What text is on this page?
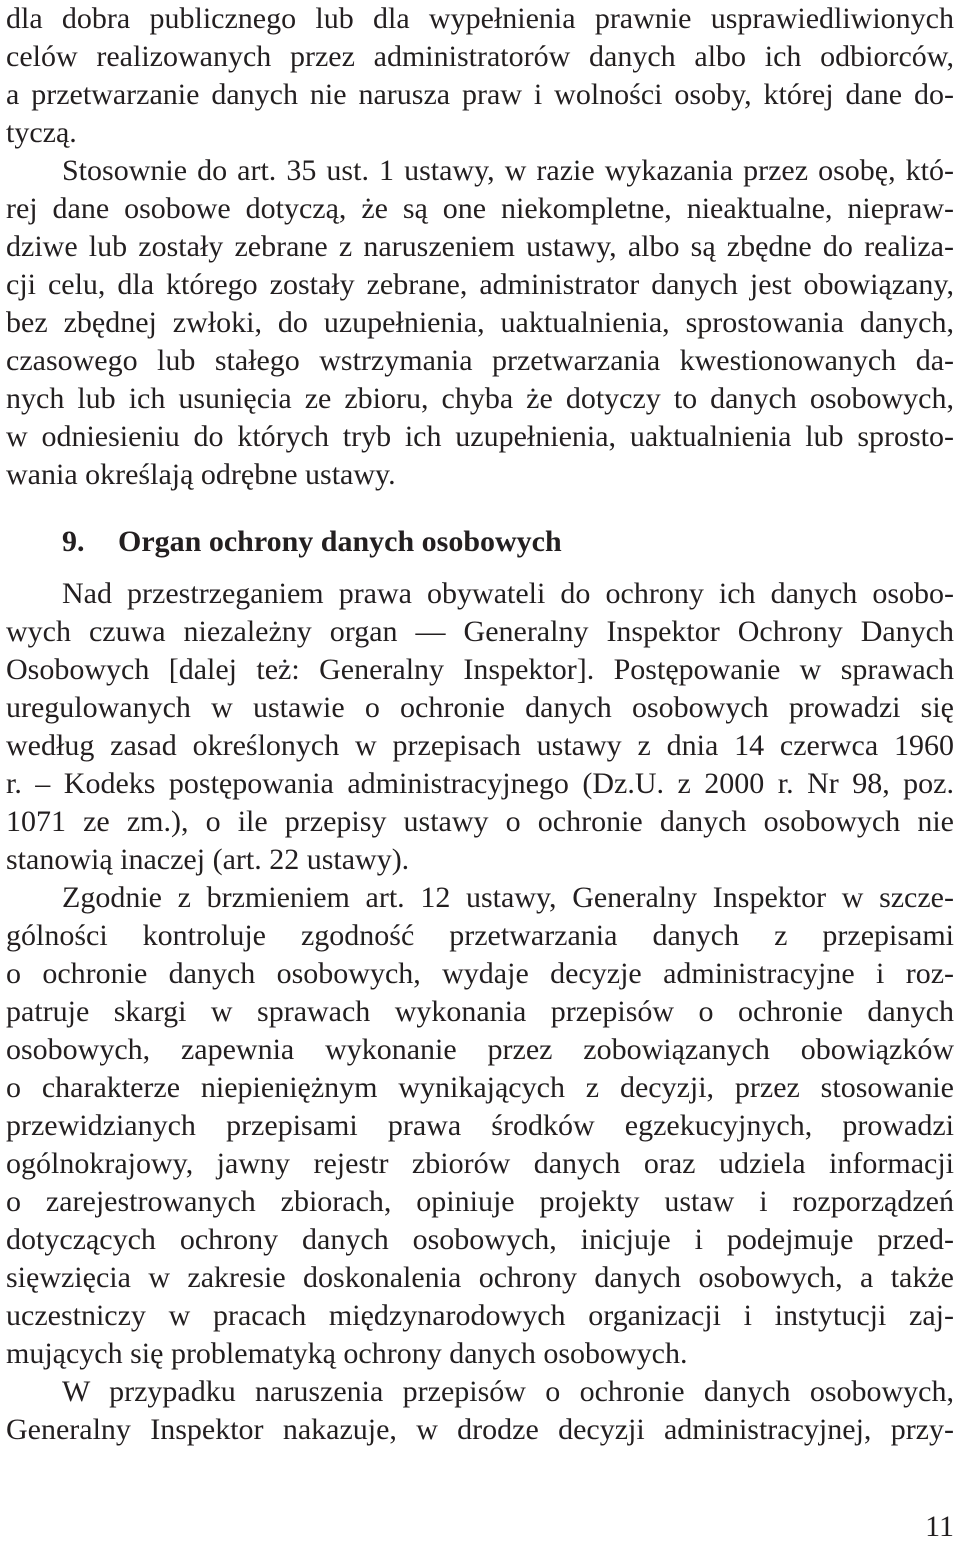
dla dobra publicznego lub dla wypełnienia prawnie usprawiedliwionych
celów realizowanych przez administratorów danych albo ich odbiorców,
a przetwarzanie danych nie narusza praw i wolności osoby, której dane do-
tyczą.
Stosownie do art. 35 ust. 1 ustawy, w razie wykazania przez osobę, któ-
rej dane osobowe dotyczą, że są one niekompletne, nieaktualne, niepraw-
dziwe lub zostały zebrane z naruszeniem ustawy, albo są zbędne do realiza-
cji celu, dla którego zostały zebrane, administrator danych jest obowiązany,
bez zbędnej zwłoki, do uzupełnienia, uaktualnienia, sprostowania danych,
czasowego lub stałego wstrzymania przetwarzania kwestionowanych da-
nych lub ich usunięcia ze zbioru, chyba że dotyczy to danych osobowych,
w odniesieniu do których tryb ich uzupełnienia, uaktualnienia lub sprosto-
wania określają odrębne ustawy.
9. Organ ochrony danych osobowych
Nad przestrzeganiem prawa obywateli do ochrony ich danych osobo-
wych czuwa niezależny organ — Generalny Inspektor Ochrony Danych
Osobowych [dalej też: Generalny Inspektor]. Postępowanie w sprawach
uregulowanych w ustawie o ochronie danych osobowych prowadzi się
według zasad określonych w przepisach ustawy z dnia 14 czerwca 1960
r. – Kodeks postępowania administracyjnego (Dz.U. z 2000 r. Nr 98, poz.
1071 ze zm.), o ile przepisy ustawy o ochronie danych osobowych nie
stanowią inaczej (art. 22 ustawy).
Zgodnie z brzmieniem art. 12 ustawy, Generalny Inspektor w szcze-
gólności kontroluje zgodność przetwarzania danych z przepisami
o ochronie danych osobowych, wydaje decyzje administracyjne i roz-
patruje skargi w sprawach wykonania przepisów o ochronie danych
osobowych, zapewnia wykonanie przez zobowiązanych obowiązków
o charakterze niepieniężnym wynikających z decyzji, przez stosowanie
przewidzianych przepisami prawa środków egzekucyjnych, prowadzi
ogólnokrajowy, jawny rejestr zbiorów danych oraz udziela informacji
o zarejestrowanych zbiorach, opiniuje projekty ustaw i rozporządzeń
dotyczących ochrony danych osobowych, inicjuje i podejmuje przed-
sięwzięcia w zakresie doskonalenia ochrony danych osobowych, a także
uczestniczy w pracach międzynarodowych organizacji i instytucji zaj-
mujących się problematyką ochrony danych osobowych.
W przypadku naruszenia przepisów o ochronie danych osobowych,
Generalny Inspektor nakazuje, w drodze decyzji administracyjnej, przy-
11
